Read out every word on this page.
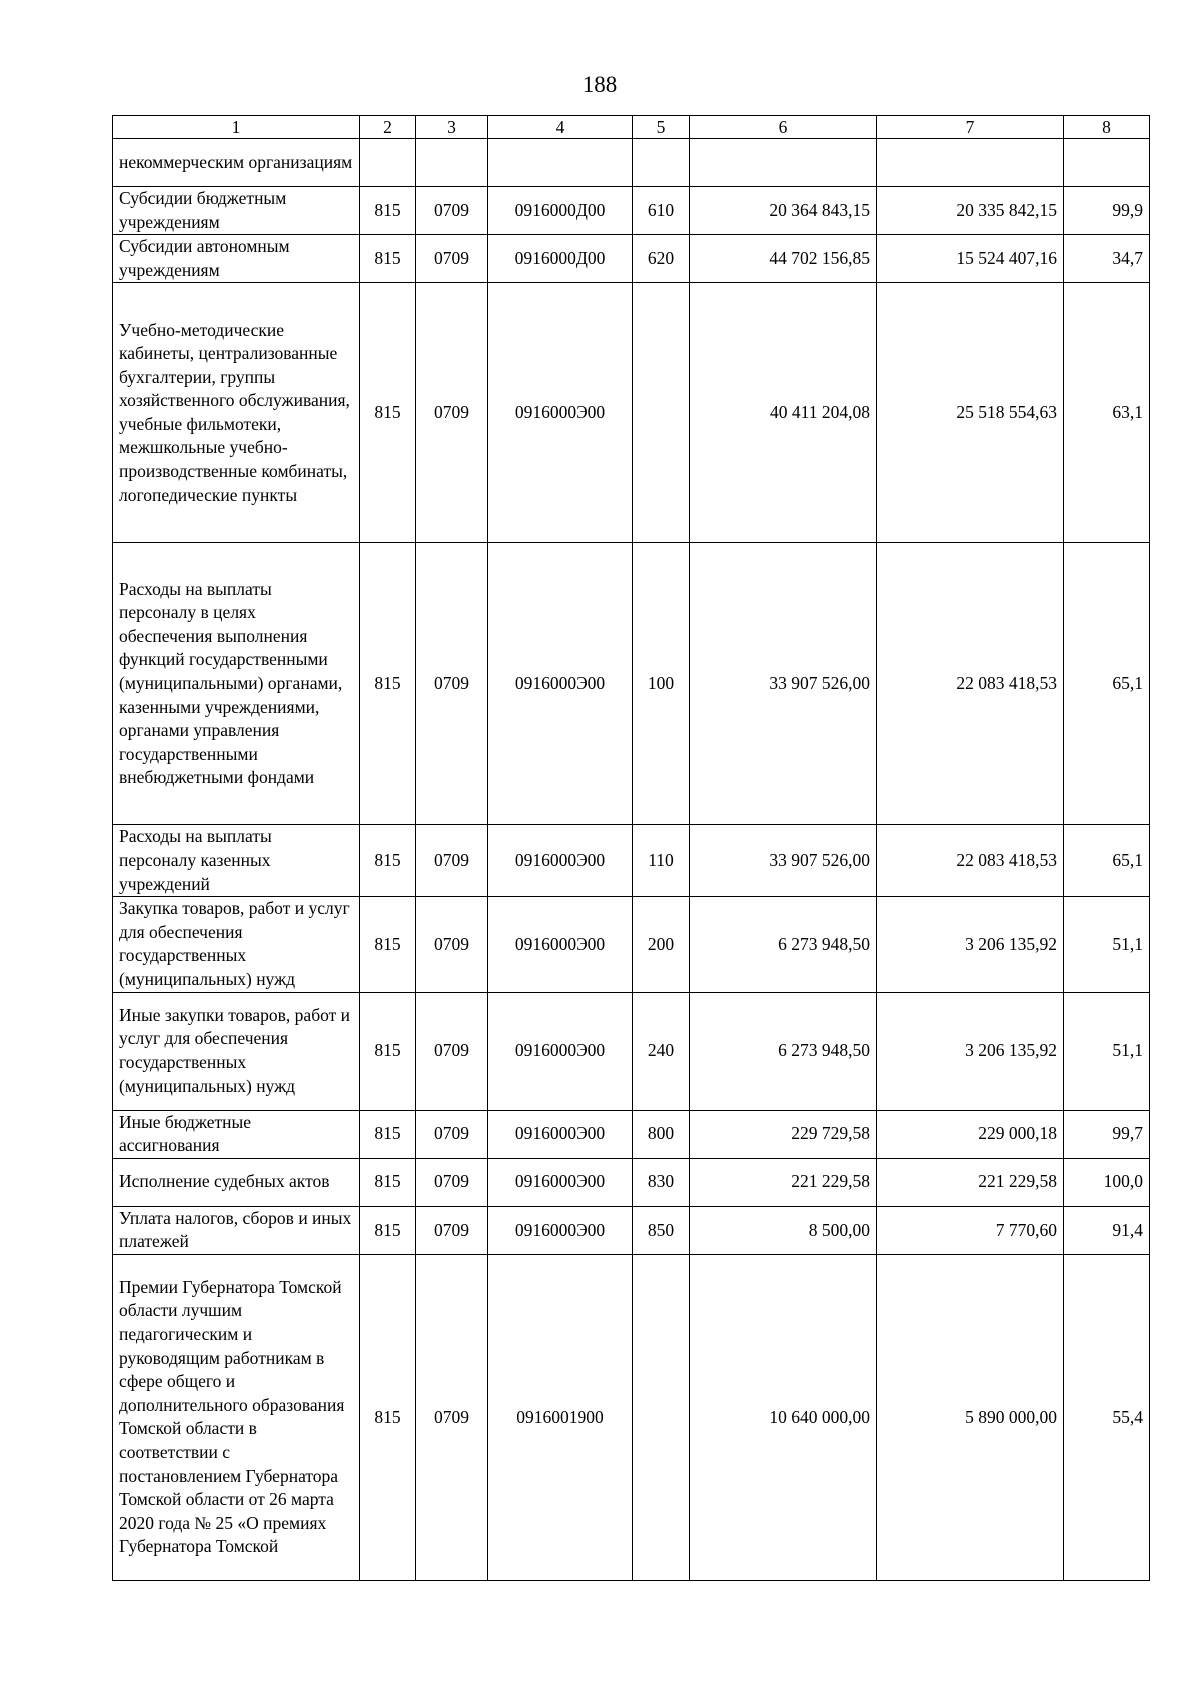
188
1	2	3	4	5	6	7	8
некоммерческим организациям							
Субсидии бюджетным учреждениям	815	0709	0916000Д00	610	20 364 843,15	20 335 842,15	99,9
Субсидии автономным учреждениям	815	0709	0916000Д00	620	44 702 156,85	15 524 407,16	34,7
Учебно-методические кабинеты, централизованные бухгалтерии, группы хозяйственного обслуживания, учебные фильмотеки, межшкольные учебно-производственные комбинаты, логопедические пункты	815	0709	0916000Э00		40 411 204,08	25 518 554,63	63,1
Расходы на выплаты персоналу в целях обеспечения выполнения функций государственными (муниципальными) органами, казенными учреждениями, органами управления государственными внебюджетными фондами	815	0709	0916000Э00	100	33 907 526,00	22 083 418,53	65,1
Расходы на выплаты персоналу казенных учреждений	815	0709	0916000Э00	110	33 907 526,00	22 083 418,53	65,1
Закупка товаров, работ и услуг для обеспечения государственных (муниципальных) нужд	815	0709	0916000Э00	200	6 273 948,50	3 206 135,92	51,1
Иные закупки товаров, работ и услуг для обеспечения государственных (муниципальных) нужд	815	0709	0916000Э00	240	6 273 948,50	3 206 135,92	51,1
Иные бюджетные ассигнования	815	0709	0916000Э00	800	229 729,58	229 000,18	99,7
Исполнение судебных актов	815	0709	0916000Э00	830	221 229,58	221 229,58	100,0
Уплата налогов, сборов и иных платежей	815	0709	0916000Э00	850	8 500,00	7 770,60	91,4
Премии Губернатора Томской области лучшим педагогическим и руководящим работникам в сфере общего и дополнительного образования Томской области в соответствии с постановлением Губернатора Томской области от 26 марта 2020 года № 25 «О премиях Губернатора Томской	815	0709	0916001900		10 640 000,00	5 890 000,00	55,4
